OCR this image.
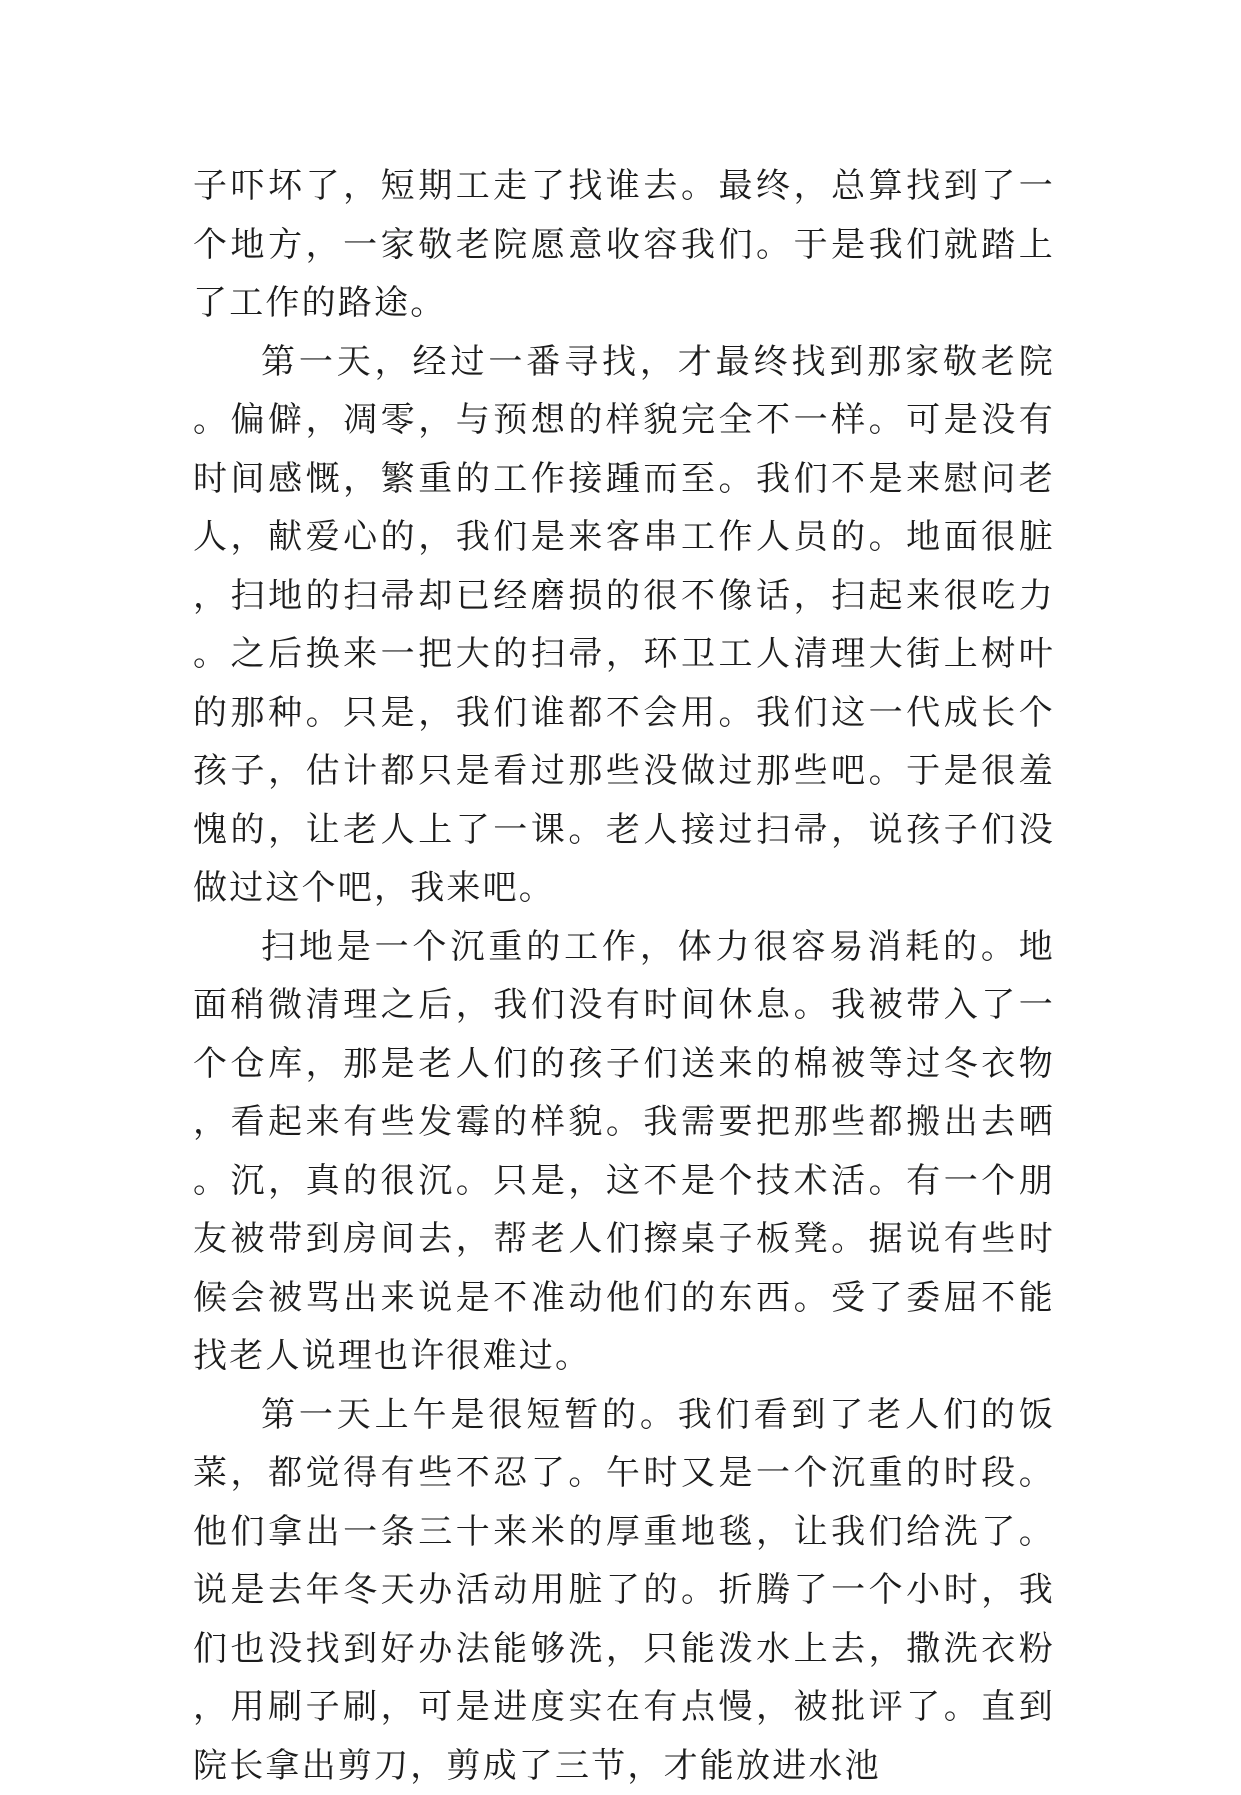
子吓坏了，短期工走了找谁去。最终，总算找到了一个地方，一家敬老院愿意收容我们。于是我们就踏上了工作的路途。

第一天，经过一番寻找，才最终找到那家敬老院。偏僻，凋零，与预想的样貌完全不一样。可是没有时间感慨，繁重的工作接踵而至。我们不是来慰问老人，献爱心的，我们是来客串工作人员的。地面很脏，扫地的扫帚却已经磨损的很不像话，扫起来很吃力。之后换来一把大的扫帚，环卫工人清理大街上树叶的那种。只是，我们谁都不会用。我们这一代成长个孩子，估计都只是看过那些没做过那些吧。于是很羞愧的，让老人上了一课。老人接过扫帚，说孩子们没做过这个吧，我来吧。

扫地是一个沉重的工作，体力很容易消耗的。地面稍微清理之后，我们没有时间休息。我被带入了一个仓库，那是老人们的孩子们送来的棉被等过冬衣物，看起来有些发霉的样貌。我需要把那些都搬出去晒。沉，真的很沉。只是，这不是个技术活。有一个朋友被带到房间去，帮老人们擦桌子板凳。据说有些时候会被骂出来说是不准动他们的东西。受了委屈不能找老人说理也许很难过。

第一天上午是很短暂的。我们看到了老人们的饭菜，都觉得有些不忍了。午时又是一个沉重的时段。他们拿出一条三十来米的厚重地毯，让我们给洗了。说是去年冬天办活动用脏了的。折腾了一个小时，我们也没找到好办法能够洗，只能泼水上去，撒洗衣粉，用刷子刷，可是进度实在有点慢，被批评了。直到院长拿出剪刀，剪成了三节，才能放进水池
